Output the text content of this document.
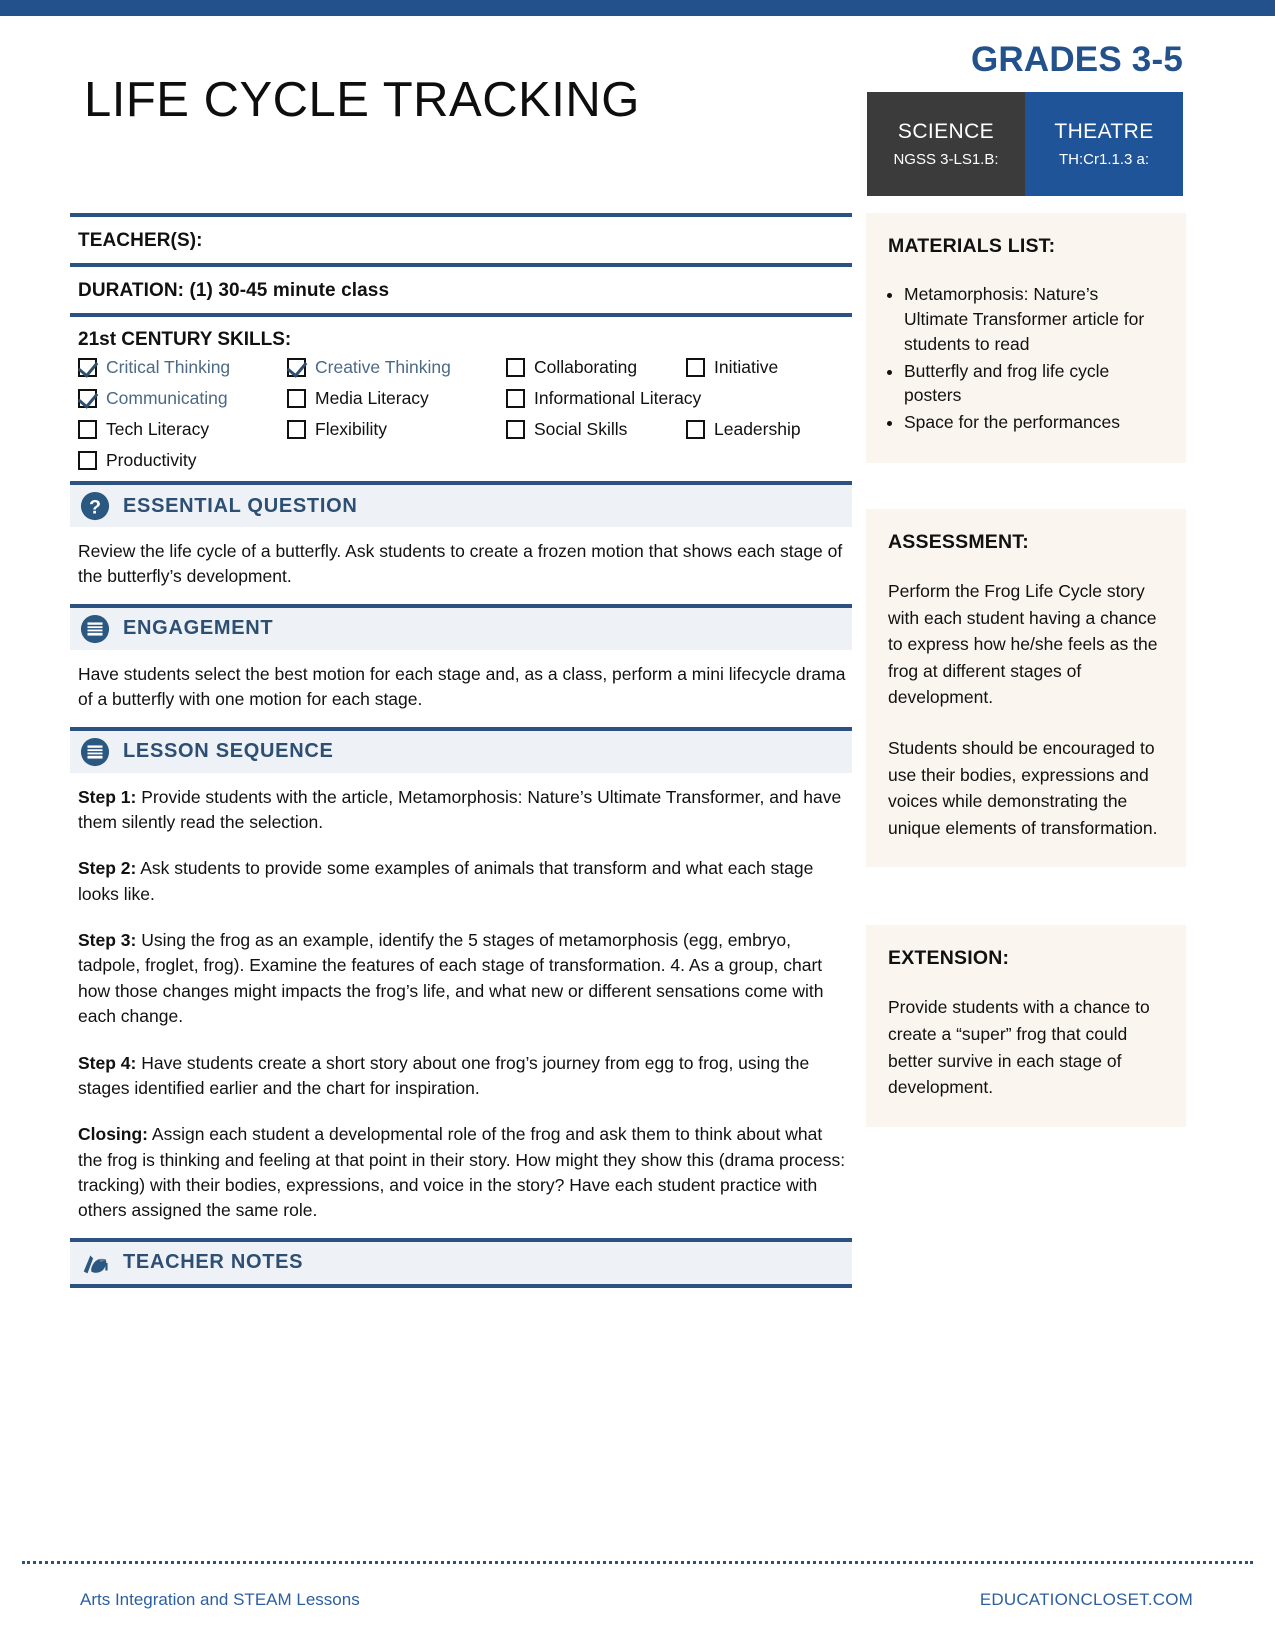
LIFE CYCLE TRACKING
GRADES 3-5
SCIENCE
NGSS 3-LS1.B:
THEATRE
TH:Cr1.1.3 a:
TEACHER(S):
DURATION: (1) 30-45 minute class
21st CENTURY SKILLS:
Critical Thinking	Creative Thinking	Collaborating	Initiative
Communicating	Media Literacy	Informational Literacy
Tech Literacy	Flexibility	Social Skills	Leadership
Productivity
? ESSENTIAL QUESTION

Review the life cycle of a butterfly. Ask students to create a frozen motion that shows each stage of the butterfly’s development.

ENGAGEMENT

Have students select the best motion for each stage and, as a class, perform a mini lifecycle drama of a butterfly with one motion for each stage.

LESSON SEQUENCE

Step 1: Provide students with the article, Metamorphosis: Nature’s Ultimate Transformer, and have them silently read the selection.

Step 2: Ask students to provide some examples of animals that transform and what each stage looks like.

Step 3: Using the frog as an example, identify the 5 stages of metamorphosis (egg, embryo, tadpole, froglet, frog). Examine the features of each stage of transformation. 4. As a group, chart how those changes might impacts the frog’s life, and what new or different sensations come with each change.

Step 4: Have students create a short story about one frog’s journey from egg to frog, using the stages identified earlier and the chart for inspiration.

Closing: Assign each student a developmental role of the frog and ask them to think about what the frog is thinking and feeling at that point in their story. How might they show this (drama process: tracking) with their bodies, expressions, and voice in the story? Have each student practice with others assigned the same role.

TEACHER NOTES
MATERIALS LIST:
• Metamorphosis: Nature’s Ultimate Transformer article for students to read
• Butterfly and frog life cycle posters
• Space for the performances
ASSESSMENT:

Perform the Frog Life Cycle story with each student having a chance to express how he/she feels as the frog at different stages of development.

Students should be encouraged to use their bodies, expressions and voices while demonstrating the unique elements of transformation.

EXTENSION:

Provide students with a chance to create a “super” frog that could better survive in each stage of development.

Arts Integration and STEAM Lessons	EDUCATIONCLOSET.COM
